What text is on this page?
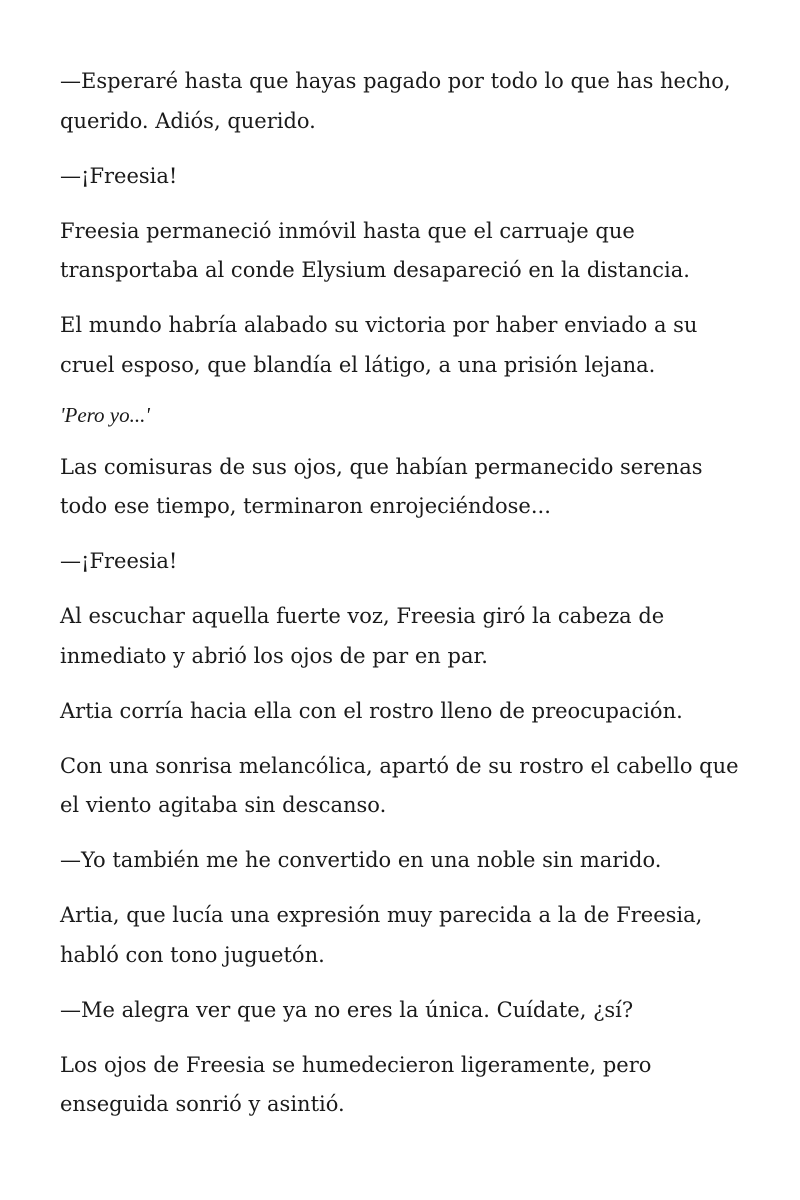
—Esperaré hasta que hayas pagado por todo lo que has hecho, querido. Adiós, querido.

—¡Freesia!

Freesia permaneció inmóvil hasta que el carruaje que transportaba al conde Elysium desapareció en la distancia.

El mundo habría alabado su victoria por haber enviado a su cruel esposo, que blandía el látigo, a una prisión lejana.

'Pero yo...'

Las comisuras de sus ojos, que habían permanecido serenas todo ese tiempo, terminaron enrojeciéndose...

—¡Freesia!

Al escuchar aquella fuerte voz, Freesia giró la cabeza de inmediato y abrió los ojos de par en par.

Artia corría hacia ella con el rostro lleno de preocupación.

Con una sonrisa melancólica, apartó de su rostro el cabello que el viento agitaba sin descanso.

—Yo también me he convertido en una noble sin marido.

Artia, que lucía una expresión muy parecida a la de Freesia, habló con tono juguetón.

—Me alegra ver que ya no eres la única. Cuídate, ¿sí?

Los ojos de Freesia se humedecieron ligeramente, pero enseguida sonrió y asintió.
